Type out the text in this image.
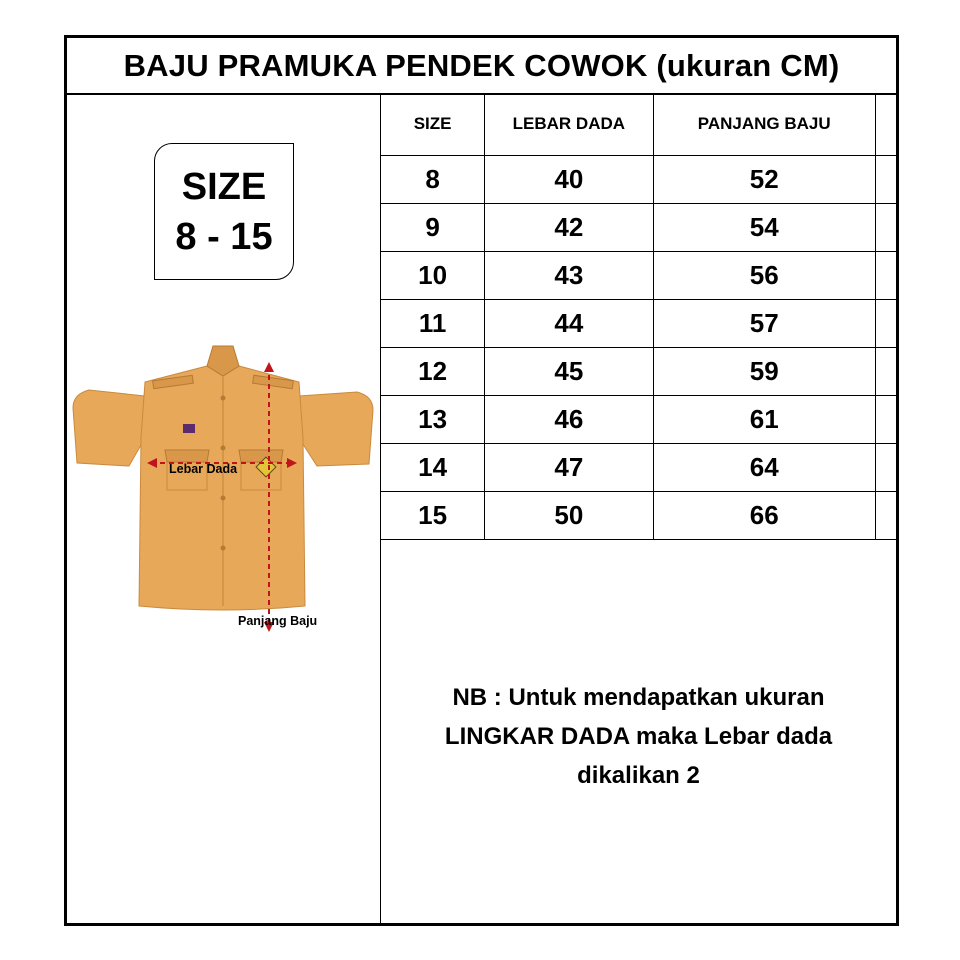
BAJU PRAMUKA PENDEK COWOK (ukuran CM)
SIZE
8 - 15
Lebar Dada
Panjang Baju
SIZE	LEBAR DADA	PANJANG BAJU	
8	40	52	
9	42	54	
10	43	56	
11	44	57	
12	45	59	
13	46	61	
14	47	64	
15	50	66	
NB : Untuk mendapatkan ukuran
LINGKAR DADA maka Lebar dada
dikalikan 2
